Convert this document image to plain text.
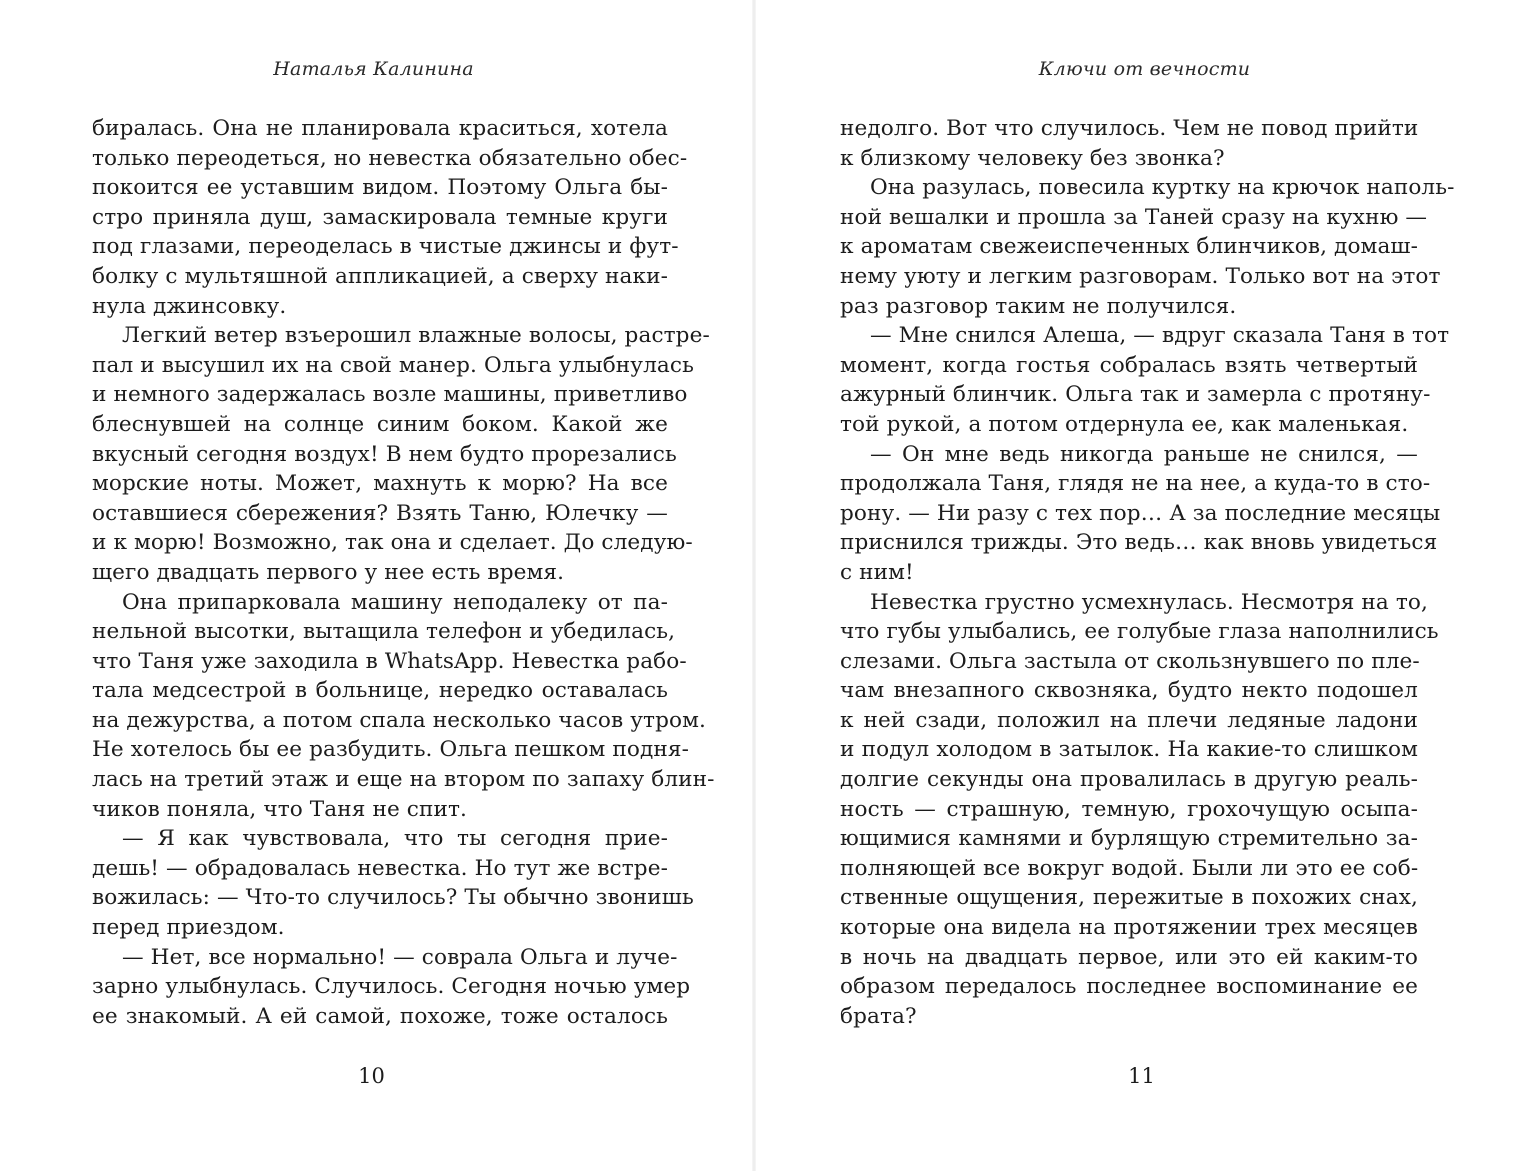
Наталья Калинина
биралась. Она не планировала краситься, хотела
только переодеться, но невестка обязательно обес-
покоится ее уставшим видом. Поэтому Ольга бы-
стро приняла душ, замаскировала темные круги
под глазами, переоделась в чистые джинсы и фут-
болку с мультяшной аппликацией, а сверху наки-
нула джинсовку.
Легкий ветер взъерошил влажные волосы, растре-
пал и высушил их на свой манер. Ольга улыбнулась
и немного задержалась возле машины, приветливо
блеснувшей на солнце синим боком. Какой же
вкусный сегодня воздух! В нем будто прорезались
морские ноты. Может, махнуть к морю? На все
оставшиеся сбережения? Взять Таню, Юлечку —
и к морю! Возможно, так она и сделает. До следую-
щего двадцать первого у нее есть время.
Она припарковала машину неподалеку от па-
нельной высотки, вытащила телефон и убедилась,
что Таня уже заходила в WhatsApp. Невестка рабо-
тала медсестрой в больнице, нередко оставалась
на дежурства, а потом спала несколько часов утром.
Не хотелось бы ее разбудить. Ольга пешком подня-
лась на третий этаж и еще на втором по запаху блин-
чиков поняла, что Таня не спит.
— Я как чувствовала, что ты сегодня прие-
дешь! — обрадовалась невестка. Но тут же встре-
вожилась: — Что-то случилось? Ты обычно звонишь
перед приездом.
— Нет, все нормально! — соврала Ольга и луче-
зарно улыбнулась. Случилось. Сегодня ночью умер
ее знакомый. А ей самой, похоже, тоже осталось
10
Ключи от вечности
недолго. Вот что случилось. Чем не повод прийти
к близкому человеку без звонка?
Она разулась, повесила куртку на крючок наполь-
ной вешалки и прошла за Таней сразу на кухню —
к ароматам свежеиспеченных блинчиков, домаш-
нему уюту и легким разговорам. Только вот на этот
раз разговор таким не получился.
— Мне снился Алеша, — вдруг сказала Таня в тот
момент, когда гостья собралась взять четвертый
ажурный блинчик. Ольга так и замерла с протяну-
той рукой, а потом отдернула ее, как маленькая.
— Он мне ведь никогда раньше не снился, —
продолжала Таня, глядя не на нее, а куда-то в сто-
рону. — Ни разу с тех пор… А за последние месяцы
приснился трижды. Это ведь… как вновь увидеться
с ним!
Невестка грустно усмехнулась. Несмотря на то,
что губы улыбались, ее голубые глаза наполнились
слезами. Ольга застыла от скользнувшего по пле-
чам внезапного сквозняка, будто некто подошел
к ней сзади, положил на плечи ледяные ладони
и подул холодом в затылок. На какие-то слишком
долгие секунды она провалилась в другую реаль-
ность — страшную, темную, грохочущую осыпа-
ющимися камнями и бурлящую стремительно за-
полняющей все вокруг водой. Были ли это ее соб-
ственные ощущения, пережитые в похожих снах,
которые она видела на протяжении трех месяцев
в ночь на двадцать первое, или это ей каким-то
образом передалось последнее воспоминание ее
брата?
11
